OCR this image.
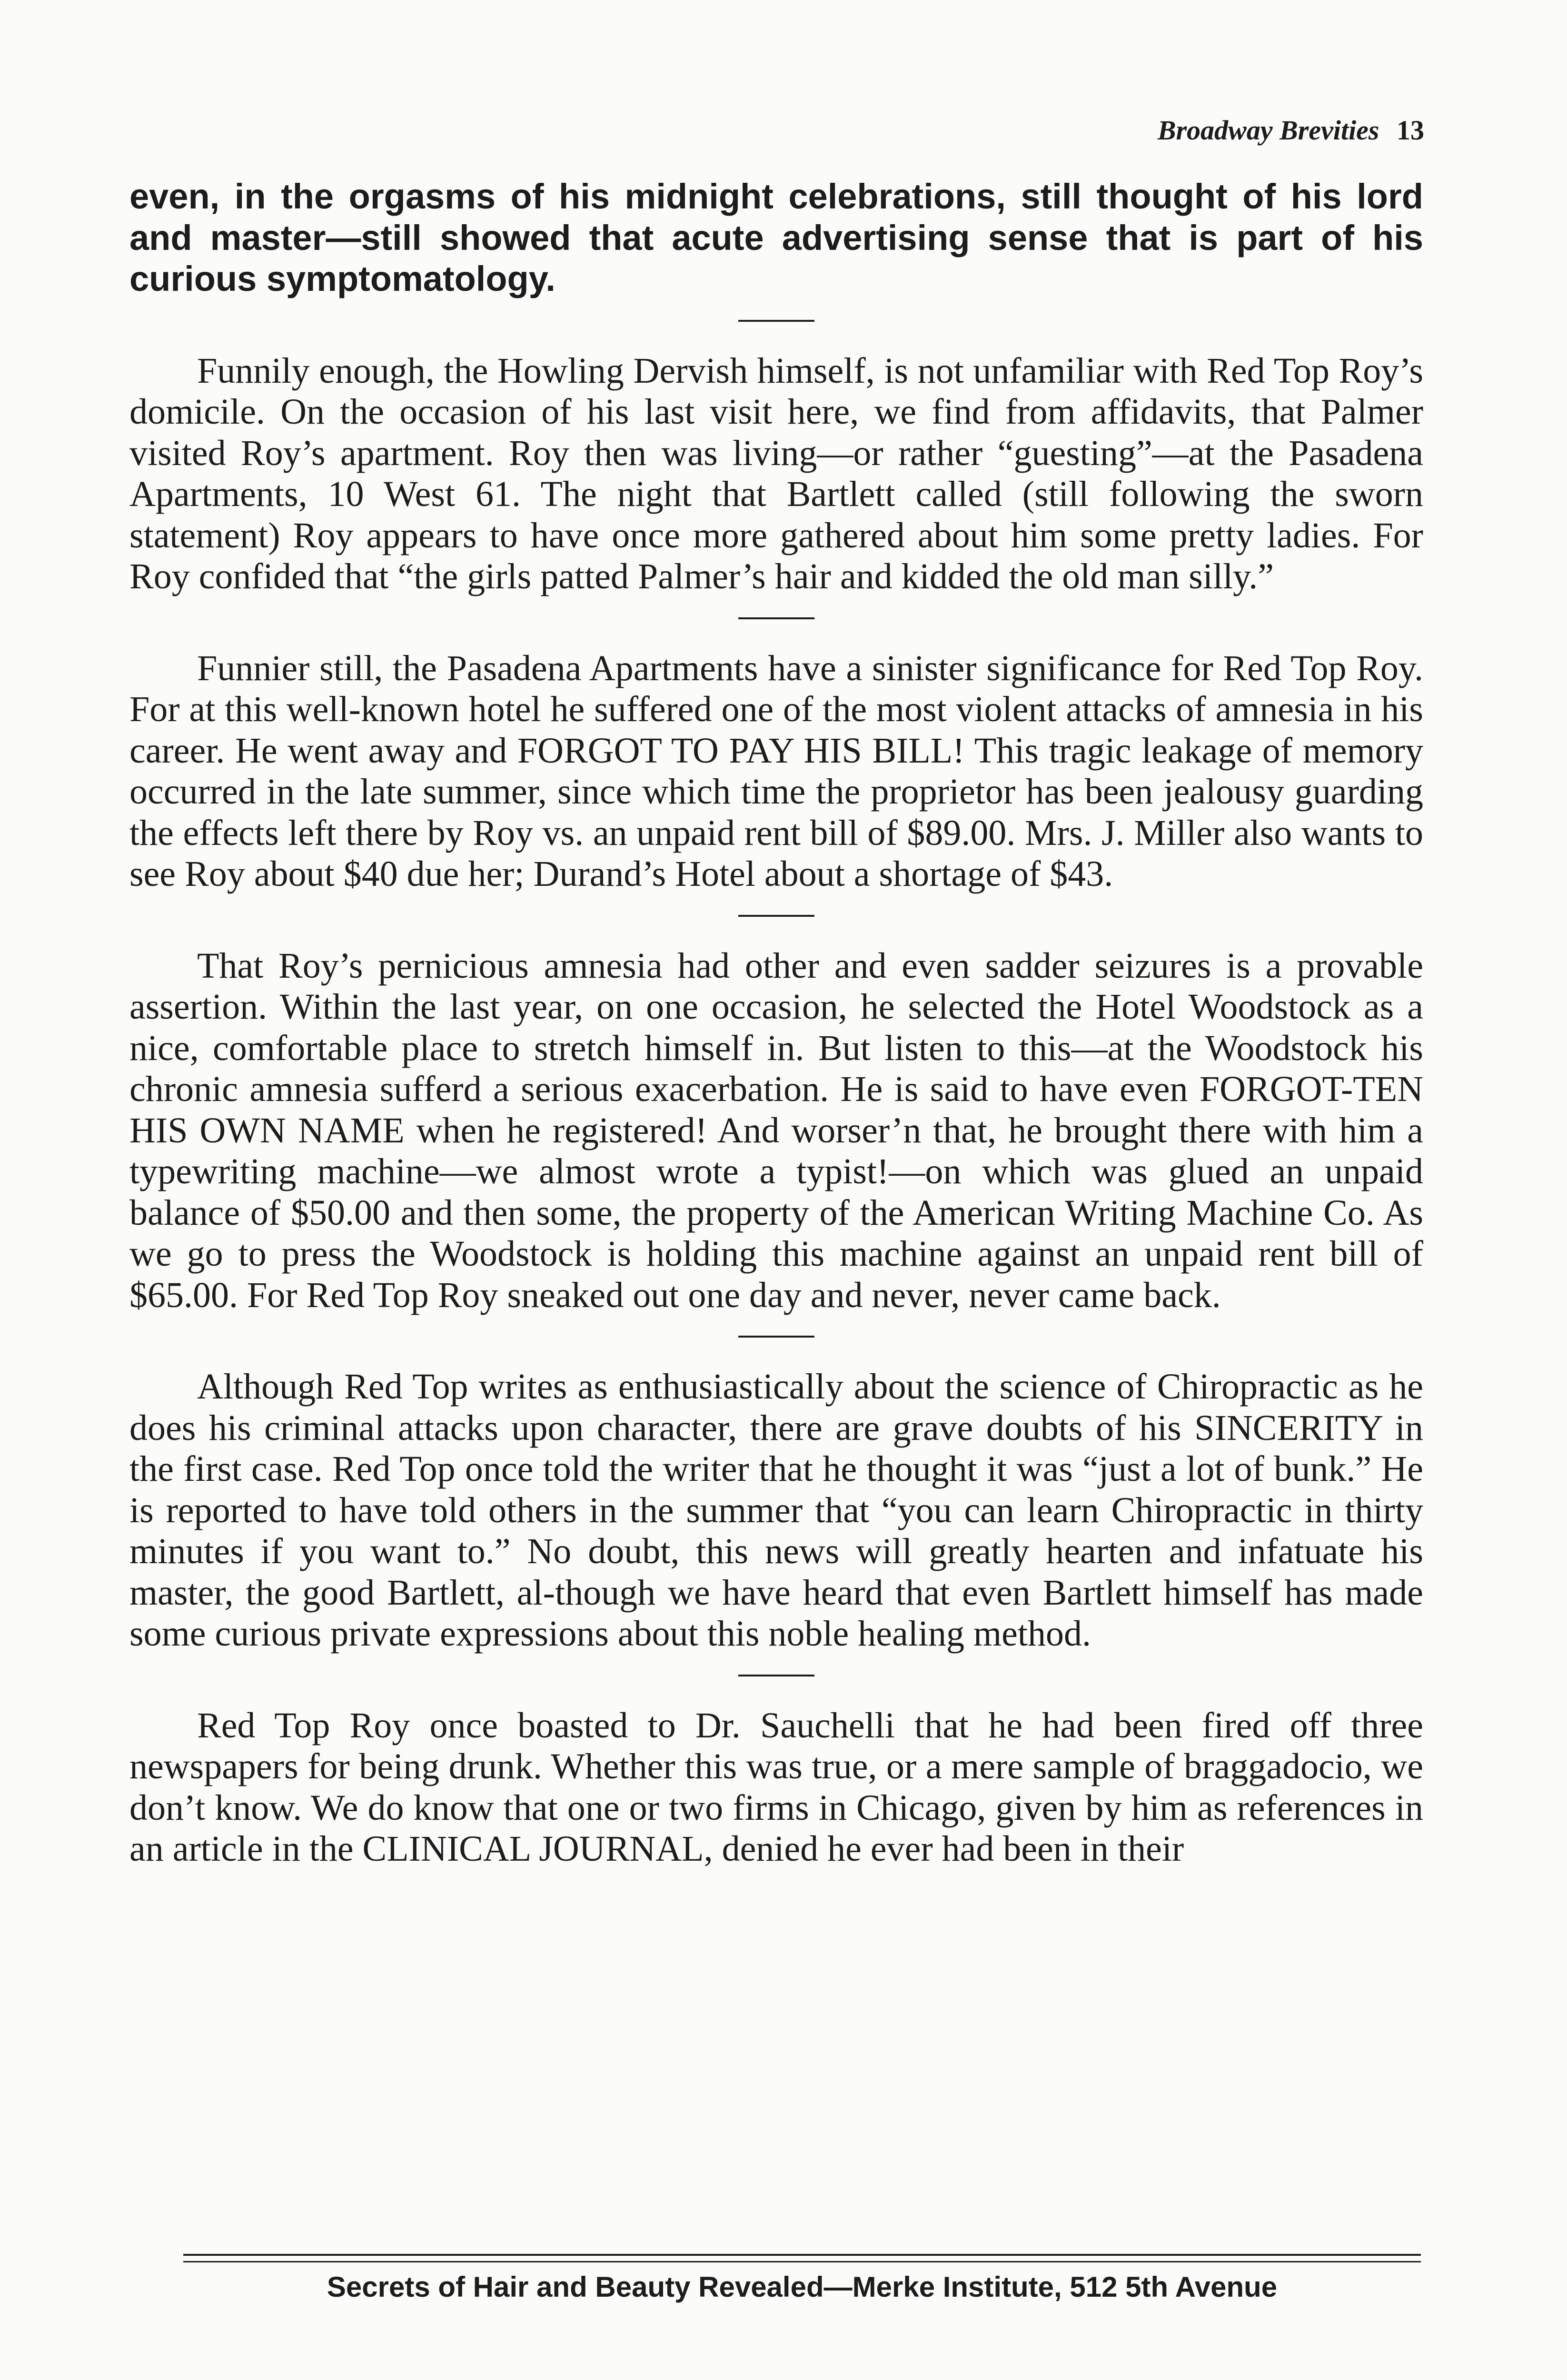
Broadway Brevities 13

even, in the orgasms of his midnight celebrations, still thought of his lord and master—still showed that acute advertising sense that is part of his curious symptomatology.

Funnily enough, the Howling Dervish himself, is not unfamiliar with Red Top Roy’s domicile. On the occasion of his last visit here, we find from affidavits, that Palmer visited Roy’s apartment. Roy then was living—or rather “guesting”—at the Pasadena Apartments, 10 West 61. The night that Bartlett called (still following the sworn statement) Roy appears to have once more gathered about him some pretty ladies. For Roy confided that “the girls patted Palmer’s hair and kidded the old man silly.”

Funnier still, the Pasadena Apartments have a sinister significance for Red Top Roy. For at this well-known hotel he suffered one of the most violent attacks of amnesia in his career. He went away and FORGOT TO PAY HIS BILL! This tragic leakage of memory occurred in the late summer, since which time the proprietor has been jealousy guarding the effects left there by Roy vs. an unpaid rent bill of $89.00. Mrs. J. Miller also wants to see Roy about $40 due her; Durand’s Hotel about a shortage of $43.

That Roy’s pernicious amnesia had other and even sadder seizures is a provable assertion. Within the last year, on one occasion, he selected the Hotel Woodstock as a nice, comfortable place to stretch himself in. But listen to this—at the Woodstock his chronic amnesia sufferd a serious exacerbation. He is said to have even FORGOT-TEN HIS OWN NAME when he registered! And worser’n that, he brought there with him a typewriting machine—we almost wrote a typist!—on which was glued an unpaid balance of $50.00 and then some, the property of the American Writing Machine Co. As we go to press the Woodstock is holding this machine against an unpaid rent bill of $65.00. For Red Top Roy sneaked out one day and never, never came back.

Although Red Top writes as enthusiastically about the science of Chiropractic as he does his criminal attacks upon character, there are grave doubts of his SINCERITY in the first case. Red Top once told the writer that he thought it was “just a lot of bunk.” He is reported to have told others in the summer that “you can learn Chiropractic in thirty minutes if you want to.” No doubt, this news will greatly hearten and infatuate his master, the good Bartlett, al-though we have heard that even Bartlett himself has made some curious private expressions about this noble healing method.

Red Top Roy once boasted to Dr. Sauchelli that he had been fired off three newspapers for being drunk. Whether this was true, or a mere sample of braggadocio, we don’t know. We do know that one or two firms in Chicago, given by him as references in an article in the CLINICAL JOURNAL, denied he ever had been in their

Secrets of Hair and Beauty Revealed—Merke Institute, 512 5th Avenue
